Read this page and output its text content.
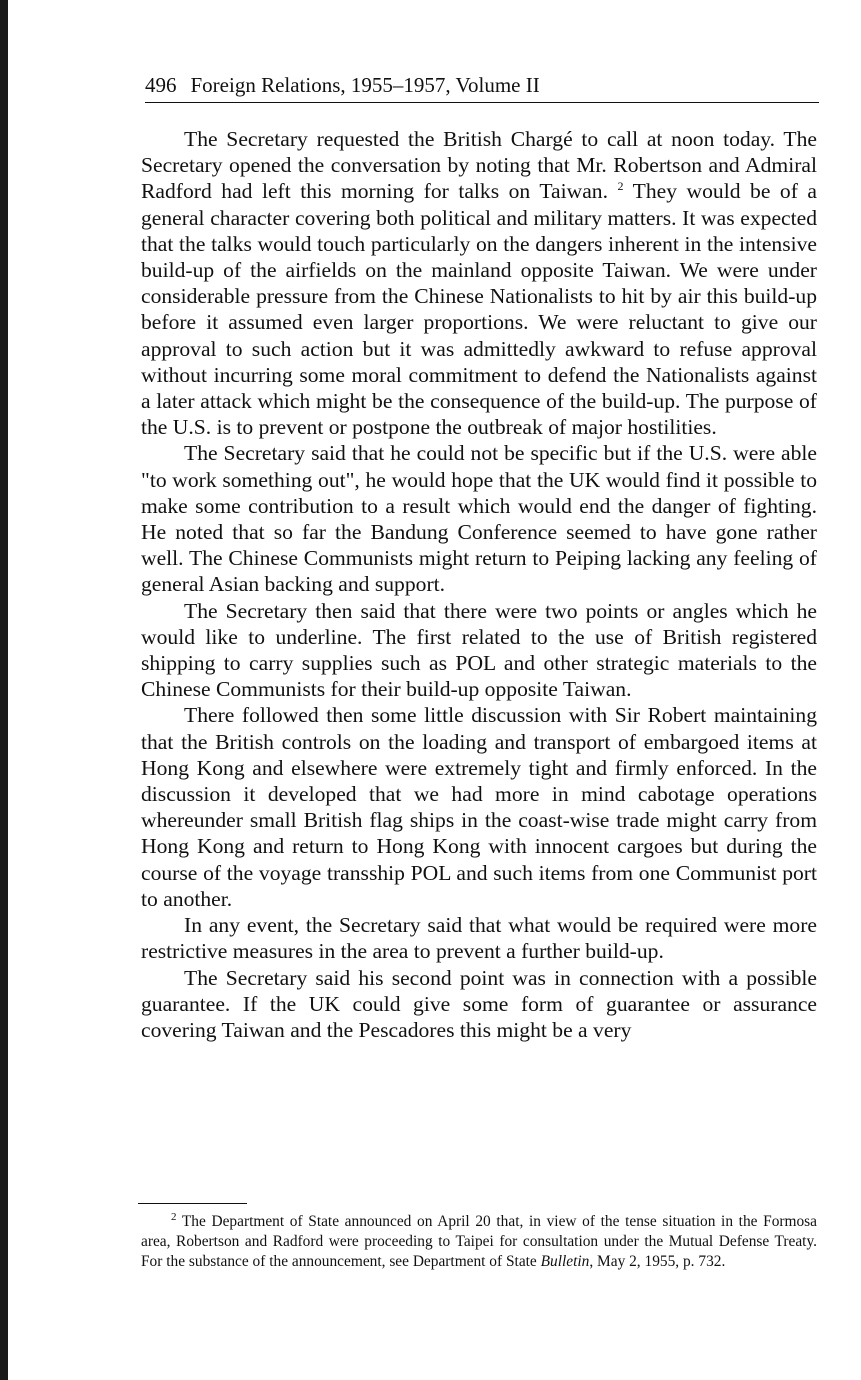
496 Foreign Relations, 1955–1957, Volume II

The Secretary requested the British Chargé to call at noon today. The Secretary opened the conversation by noting that Mr. Robertson and Admiral Radford had left this morning for talks on Taiwan. $^2$ They would be of a general character covering both political and military matters. It was expected that the talks would touch particularly on the dangers inherent in the intensive build-up of the airfields on the mainland opposite Taiwan. We were under considerable pressure from the Chinese Nationalists to hit by air this build-up before it assumed even larger proportions. We were reluctant to give our approval to such action but it was admittedly awkward to refuse approval without incurring some moral commitment to defend the Nationalists against a later attack which might be the consequence of the build-up. The purpose of the U.S. is to prevent or postpone the outbreak of major hostilities.

The Secretary said that he could not be specific but if the U.S. were able "to work something out", he would hope that the UK would find it possible to make some contribution to a result which would end the danger of fighting. He noted that so far the Bandung Conference seemed to have gone rather well. The Chinese Communists might return to Peiping lacking any feeling of general Asian backing and support.

The Secretary then said that there were two points or angles which he would like to underline. The first related to the use of British registered shipping to carry supplies such as POL and other strategic materials to the Chinese Communists for their build-up opposite Taiwan.

There followed then some little discussion with Sir Robert maintaining that the British controls on the loading and transport of embargoed items at Hong Kong and elsewhere were extremely tight and firmly enforced. In the discussion it developed that we had more in mind cabotage operations whereunder small British flag ships in the coast-wise trade might carry from Hong Kong and return to Hong Kong with innocent cargoes but during the course of the voyage transship POL and such items from one Communist port to another.

In any event, the Secretary said that what would be required were more restrictive measures in the area to prevent a further build-up.

The Secretary said his second point was in connection with a possible guarantee. If the UK could give some form of guarantee or assurance covering Taiwan and the Pescadores this might be a very

$^2$ The Department of State announced on April 20 that, in view of the tense situation in the Formosa area, Robertson and Radford were proceeding to Taipei for consultation under the Mutual Defense Treaty. For the substance of the announcement, see Department of State Bulletin, May 2, 1955, p. 732.
